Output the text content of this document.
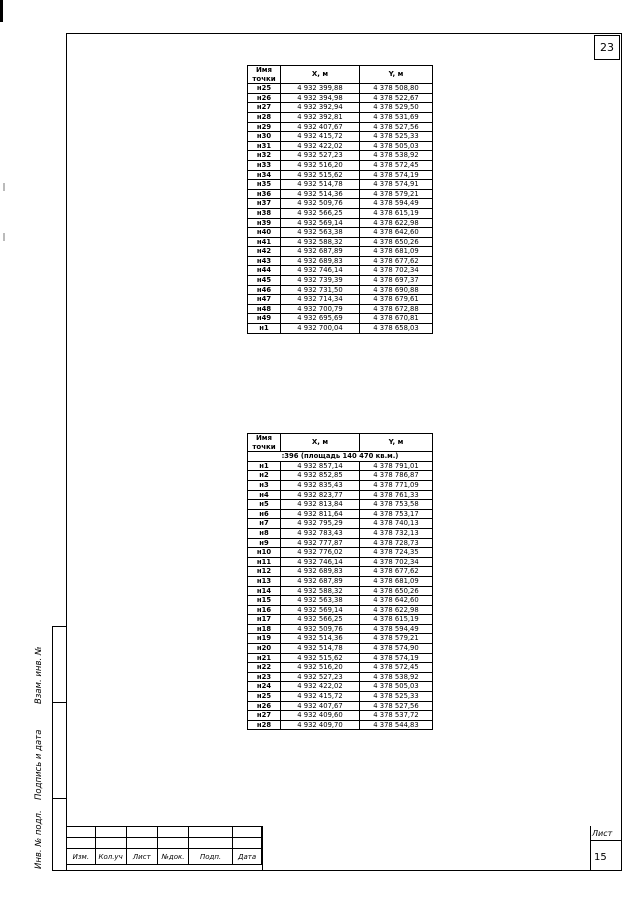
23
Взам. инв. №
Подпись и дата
Инв. № подл.
Имя точки	X, м	Y, м
н25	4 932 399,88	4 378 508,80
н26	4 932 394,98	4 378 522,67
н27	4 932 392,94	4 378 529,50
н28	4 932 392,81	4 378 531,69
н29	4 932 407,67	4 378 527,56
н30	4 932 415,72	4 378 525,33
н31	4 932 422,02	4 378 505,03
н32	4 932 527,23	4 378 538,92
н33	4 932 516,20	4 378 572,45
н34	4 932 515,62	4 378 574,19
н35	4 932 514,78	4 378 574,91
н36	4 932 514,36	4 378 579,21
н37	4 932 509,76	4 378 594,49
н38	4 932 566,25	4 378 615,19
н39	4 932 569,14	4 378 622,98
н40	4 932 563,38	4 378 642,60
н41	4 932 588,32	4 378 650,26
н42	4 932 687,89	4 378 681,09
н43	4 932 689,83	4 378 677,62
н44	4 932 746,14	4 378 702,34
н45	4 932 739,39	4 378 697,37
н46	4 932 731,50	4 378 690,88
н47	4 932 714,34	4 378 679,61
н48	4 932 700,79	4 378 672,88
н49	4 932 695,69	4 378 670,81
н1	4 932 700,04	4 378 658,03
Имя точки	X, м	Y, м
:396 (площадь 140 470 кв.м.)		
н1	4 932 857,14	4 378 791,01
н2	4 932 852,85	4 378 786,87
н3	4 932 835,43	4 378 771,09
н4	4 932 823,77	4 378 761,33
н5	4 932 813,84	4 378 753,58
н6	4 932 811,64	4 378 753,17
н7	4 932 795,29	4 378 740,13
н8	4 932 783,43	4 378 732,13
н9	4 932 777,87	4 378 728,73
н10	4 932 776,02	4 378 724,35
н11	4 932 746,14	4 378 702,34
н12	4 932 689,83	4 378 677,62
н13	4 932 687,89	4 378 681,09
н14	4 932 588,32	4 378 650,26
н15	4 932 563,38	4 378 642,60
н16	4 932 569,14	4 378 622,98
н17	4 932 566,25	4 378 615,19
н18	4 932 509,76	4 378 594,49
н19	4 932 514,36	4 378 579,21
н20	4 932 514,78	4 378 574,90
н21	4 932 515,62	4 378 574,19
н22	4 932 516,20	4 378 572,45
н23	4 932 527,23	4 378 538,92
н24	4 932 422,02	4 378 505,03
н25	4 932 415,72	4 378 525,33
н26	4 932 407,67	4 378 527,56
н27	4 932 409,60	4 378 537,72
н28	4 932 409,70	4 378 544,83

Изм.	Кол.уч	Лист	№док.	Подп.	Дата
Лист
15
